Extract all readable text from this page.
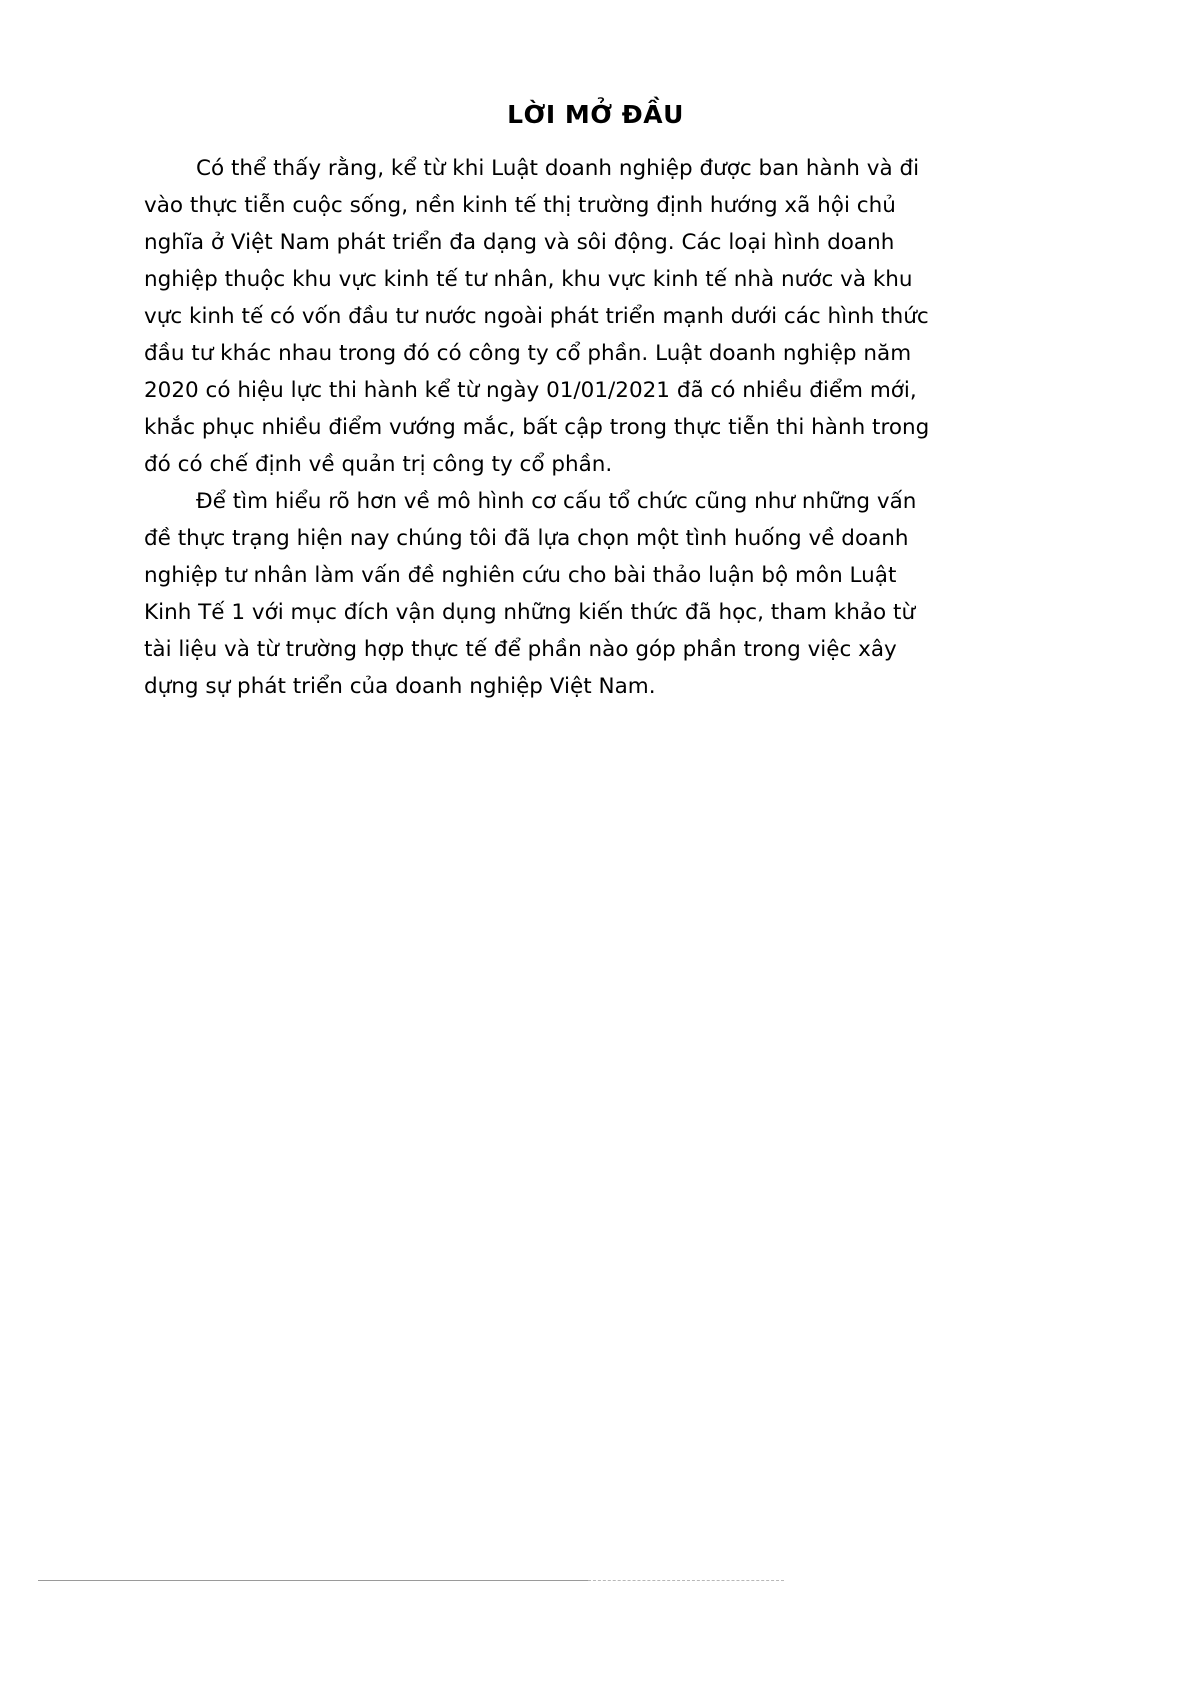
LỜI MỞ ĐẦU
Có thể thấy rằng, kể từ khi Luật doanh nghiệp được ban hành và đi
vào thực tiễn cuộc sống, nền kinh tế thị trường định hướng xã hội chủ
nghĩa ở Việt Nam phát triển đa dạng và sôi động. Các loại hình doanh
nghiệp thuộc khu vực kinh tế tư nhân, khu vực kinh tế nhà nước và khu
vực kinh tế có vốn đầu tư nước ngoài phát triển mạnh dưới các hình thức
đầu tư khác nhau trong đó có công ty cổ phần. Luật doanh nghiệp năm
2020 có hiệu lực thi hành kể từ ngày 01/01/2021 đã có nhiều điểm mới,
khắc phục nhiều điểm vướng mắc, bất cập trong thực tiễn thi hành trong
đó có chế định về quản trị công ty cổ phần.
Để tìm hiểu rõ hơn về mô hình cơ cấu tổ chức cũng như những vấn
đề thực trạng hiện nay chúng tôi đã lựa chọn một tình huống về doanh
nghiệp tư nhân làm vấn đề nghiên cứu cho bài thảo luận bộ môn Luật
Kinh Tế 1 với mục đích vận dụng những kiến thức đã học, tham khảo từ
tài liệu và từ trường hợp thực tế để phần nào góp phần trong việc xây
dựng sự phát triển của doanh nghiệp Việt Nam.
